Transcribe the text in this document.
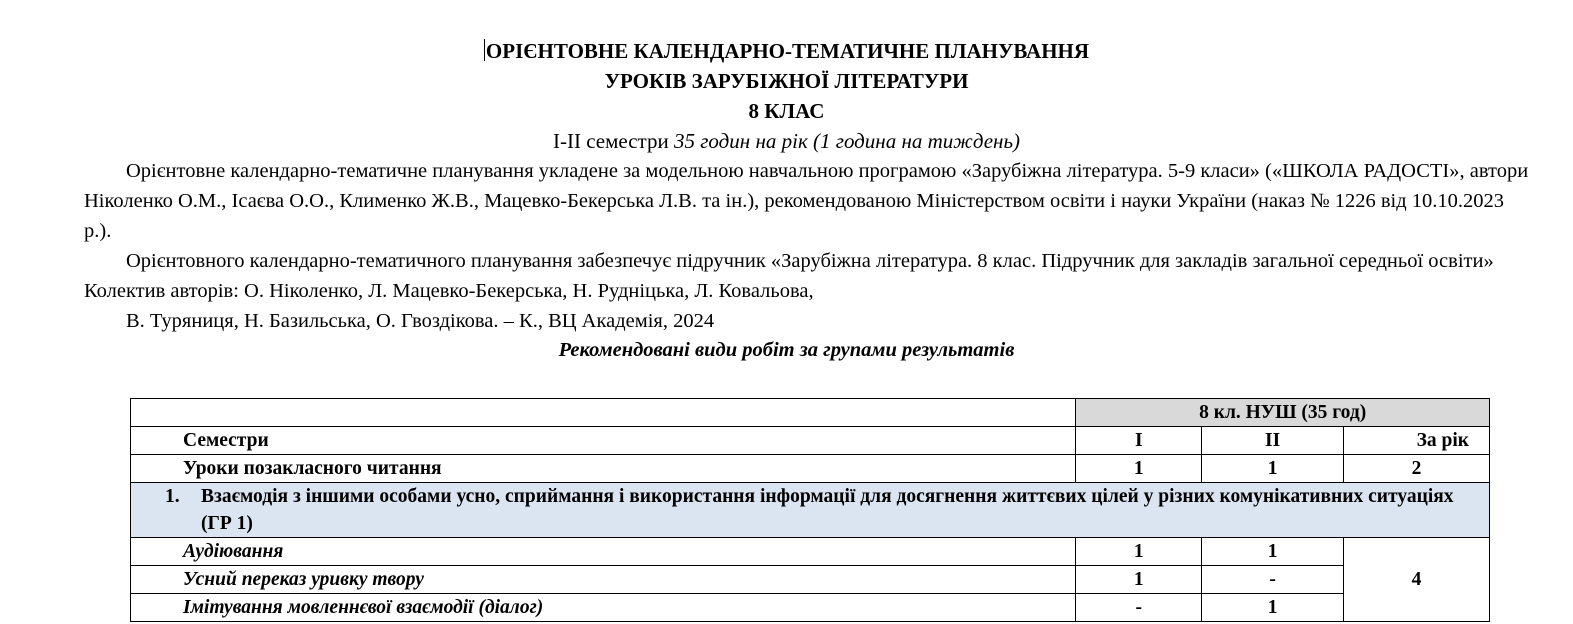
ОРІЄНТОВНЕ КАЛЕНДАРНО-ТЕМАТИЧНЕ ПЛАНУВАННЯ

УРОКІВ ЗАРУБІЖНОЇ ЛІТЕРАТУРИ

8 КЛАС

І-ІІ семестри 35 годин на рік (1 година на тиждень)

Орієнтовне календарно-тематичне планування укладене за модельною навчальною програмою «Зарубіжна література. 5-9 класи» («ШКОЛА РАДОСТІ», автори Ніколенко О.М., Ісаєва О.О., Клименко Ж.В., Мацевко-Бекерська Л.В. та ін.), рекомендованою Міністерством освіти і науки України (наказ № 1226 від 10.10.2023 р.).

Орієнтовного календарно-тематичного планування забезпечує підручник «Зарубіжна література. 8 клас. Підручник для закладів загальної середньої освіти» Колектив авторів: О. Ніколенко, Л. Мацевко-Бекерська, Н. Рудніцька, Л. Ковальова,

В. Туряниця, Н. Базильська, О. Гвоздікова. – К., ВЦ Академія, 2024

Рекомендовані види робіт за групами результатів

	8 кл. НУШ (35 год)		
Семестри	І	ІІ	За рік
Уроки позакласного читання	1	1	2

1. Взаємодія з іншими особами усно, сприймання і використання інформації для досягнення життєвих цілей у різних комунікативних ситуаціях (ГР 1)			

Аудіювання	1	1	4
Усний переказ уривку твору	1	-	
Імітування мовленнєвої взаємодії (діалог)	-	1	
